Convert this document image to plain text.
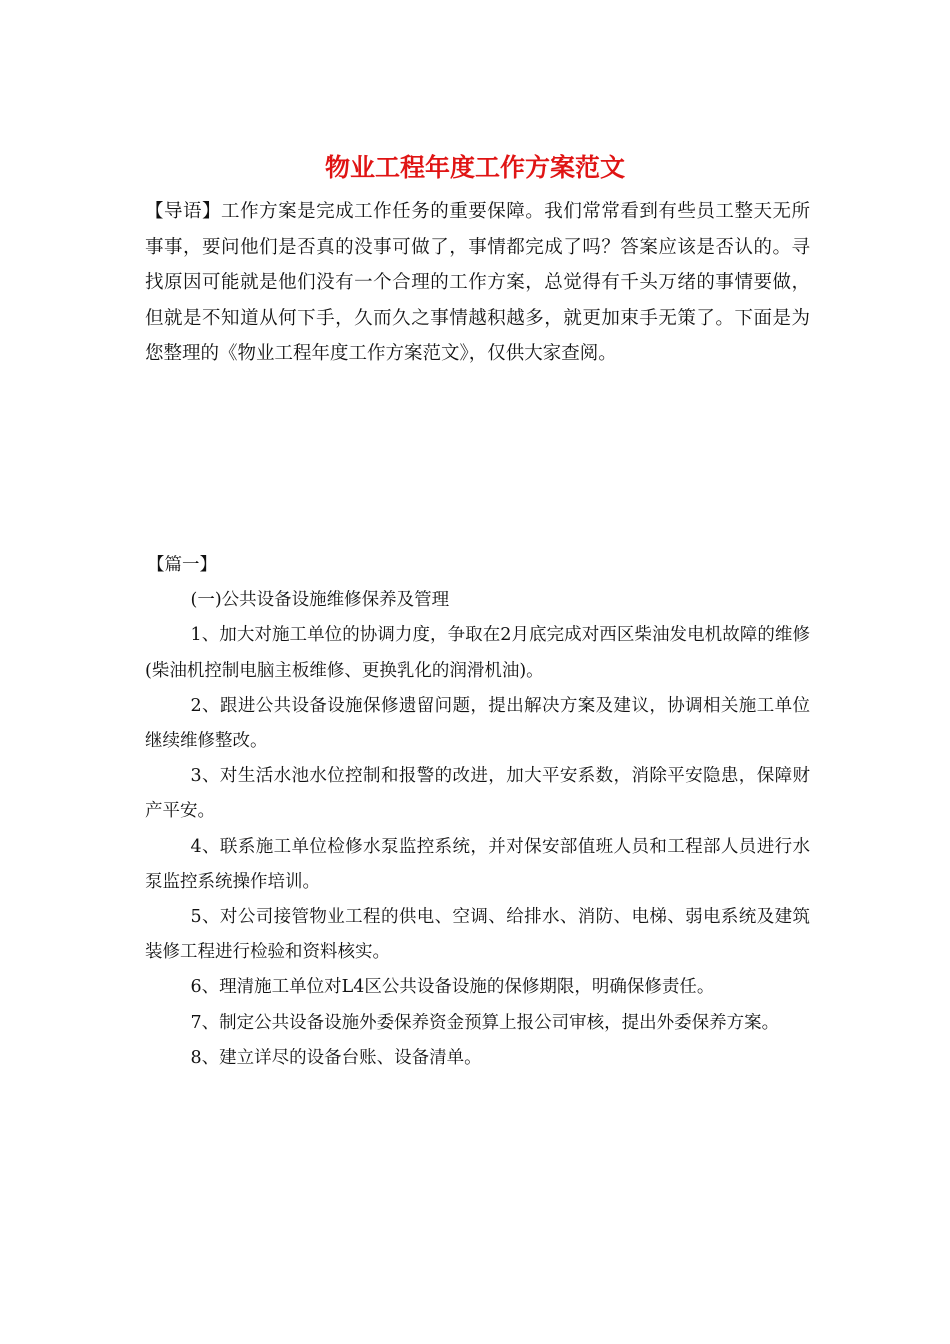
物业工程年度工作方案范文

【导语】工作方案是完成工作任务的重要保障。我们常常看到有些员工整天无所事事，要问他们是否真的没事可做了，事情都完成了吗？答案应该是否认的。寻找原因可能就是他们没有一个合理的工作方案，总觉得有千头万绪的事情要做，但就是不知道从何下手，久而久之事情越积越多，就更加束手无策了。下面是为您整理的《物业工程年度工作方案范文》，仅供大家查阅。

【篇一】

(一)公共设备设施维修保养及管理

1、加大对施工单位的协调力度，争取在2月底完成对西区柴油发电机故障的维修(柴油机控制电脑主板维修、更换乳化的润滑机油)。

2、跟进公共设备设施保修遗留问题，提出解决方案及建议，协调相关施工单位继续维修整改。

3、对生活水池水位控制和报警的改进，加大平安系数，消除平安隐患，保障财产平安。

4、联系施工单位检修水泵监控系统，并对保安部值班人员和工程部人员进行水泵监控系统操作培训。

5、对公司接管物业工程的供电、空调、给排水、消防、电梯、弱电系统及建筑装修工程进行检验和资料核实。

6、理清施工单位对L4区公共设备设施的保修期限，明确保修责任。

7、制定公共设备设施外委保养资金预算上报公司审核，提出外委保养方案。

8、建立详尽的设备台账、设备清单。
